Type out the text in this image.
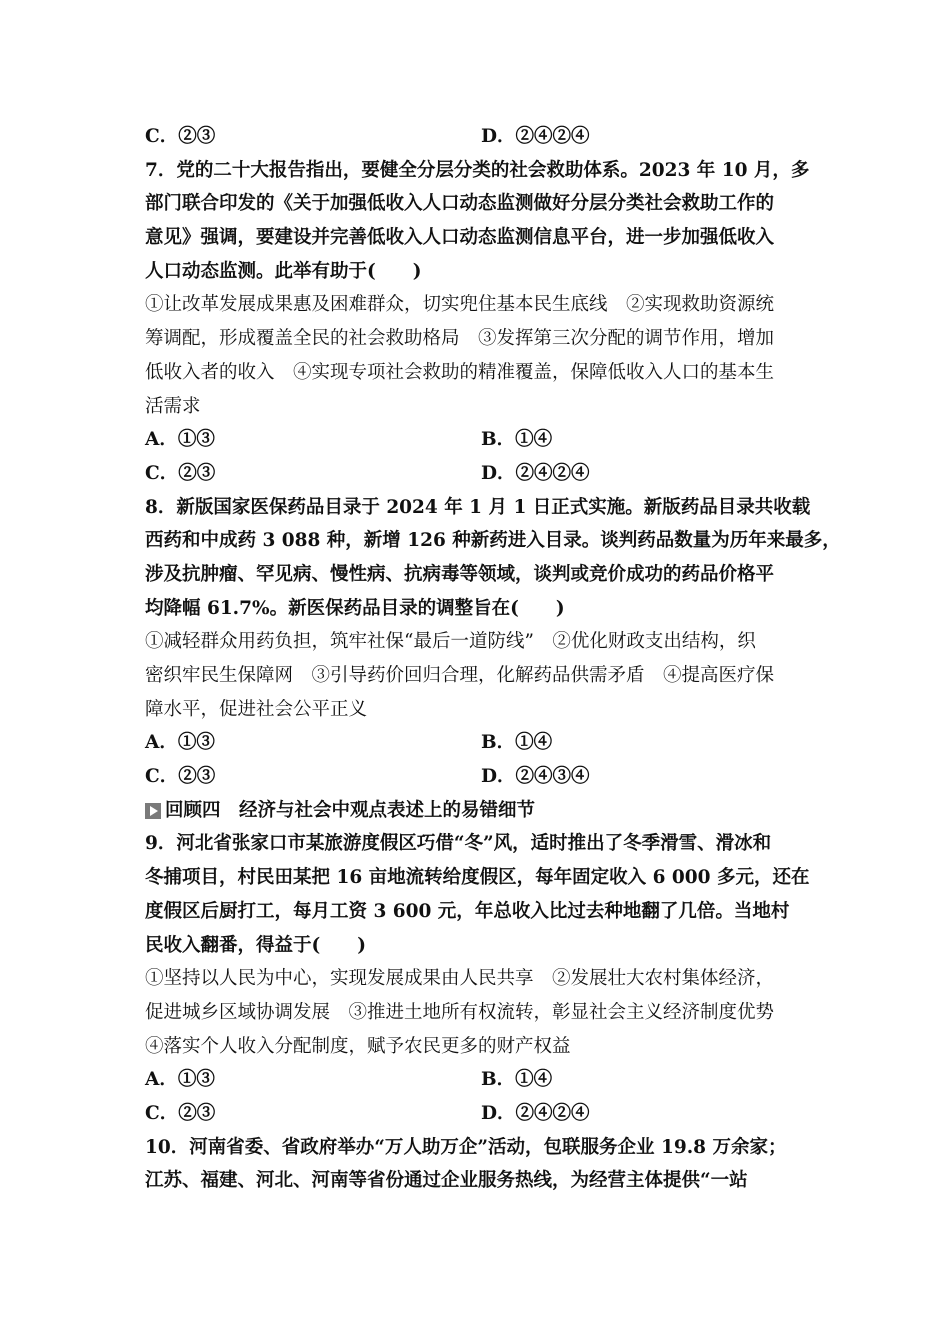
C．②③	D．②④②④
7．党的二十大报告指出，要健全分层分类的社会救助体系。2023 年 10 月，多
部门联合印发的《关于加强低收入人口动态监测做好分层分类社会救助工作的
意见》强调，要建设并完善低收入人口动态监测信息平台，进一步加强低收入
人口动态监测。此举有助于(　　)
①让改革发展成果惠及困难群众，切实兜住基本民生底线　②实现救助资源统
筹调配，形成覆盖全民的社会救助格局　③发挥第三次分配的调节作用，增加
低收入者的收入　④实现专项社会救助的精准覆盖，保障低收入人口的基本生
活需求
A．①③	B．①④
C．②③	D．②④②④
8．新版国家医保药品目录于 2024 年 1 月 1 日正式实施。新版药品目录共收载
西药和中成药 3 088 种，新增 126 种新药进入目录。谈判药品数量为历年来最多，
涉及抗肿瘤、罕见病、慢性病、抗病毒等领域，谈判或竞价成功的药品价格平
均降幅 61.7%。新医保药品目录的调整旨在(　　)
①减轻群众用药负担，筑牢社保“最后一道防线”　②优化财政支出结构，织
密织牢民生保障网　③引导药价回归合理，化解药品供需矛盾　④提高医疗保
障水平，促进社会公平正义
A．①③	B．①④
C．②③	D．②④③④
回顾四　经济与社会中观点表述上的易错细节
9．河北省张家口市某旅游度假区巧借“冬”风，适时推出了冬季滑雪、滑冰和
冬捕项目，村民田某把 16 亩地流转给度假区，每年固定收入 6 000 多元，还在
度假区后厨打工，每月工资 3 600 元，年总收入比过去种地翻了几倍。当地村
民收入翻番，得益于(　　)
①坚持以人民为中心，实现发展成果由人民共享　②发展壮大农村集体经济，
促进城乡区域协调发展　③推进土地所有权流转，彰显社会主义经济制度优势
④落实个人收入分配制度，赋予农民更多的财产权益
A．①③	B．①④
C．②③	D．②④②④
10．河南省委、省政府举办“万人助万企”活动，包联服务企业 19.8 万余家；
江苏、福建、河北、河南等省份通过企业服务热线，为经营主体提供“一站
